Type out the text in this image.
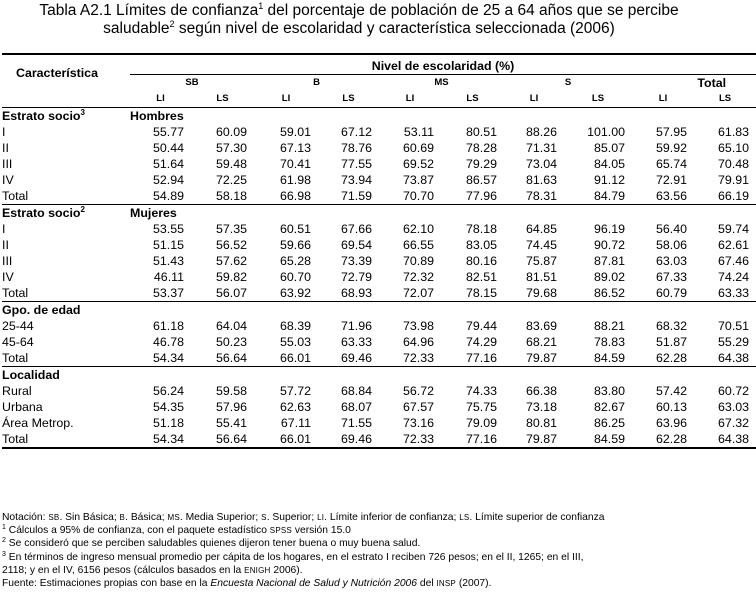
Tabla A2.1 Límites de confianza$^1$ del porcentaje de población de 25 a 64 años que se percibe
saludable$^2$ según nivel de escolaridad y característica seleccionada (2006)
Característica	Nivel de escolaridad (%)									
	SB		B		MS		S		Total	
	LI	LS	LI	LS	LI	LS	LI	LS	LI	LS
Estrato socio$^3$	Hombres									
I	55.77	60.09	59.01	67.12	53.11	80.51	88.26	101.00	57.95	61.83
II	50.44	57.30	67.13	78.76	60.69	78.28	71.31	85.07	59.92	65.10
III	51.64	59.48	70.41	77.55	69.52	79.29	73.04	84.05	65.74	70.48
IV	52.94	72.25	61.98	73.94	73.87	86.57	81.63	91.12	72.91	79.91
Total	54.89	58.18	66.98	71.59	70.70	77.96	78.31	84.79	63.56	66.19
Estrato socio$^2$	Mujeres									
I	53.55	57.35	60.51	67.66	62.10	78.18	64.85	96.19	56.40	59.74
II	51.15	56.52	59.66	69.54	66.55	83.05	74.45	90.72	58.06	62.61
III	51.43	57.62	65.28	73.39	70.89	80.16	75.87	87.81	63.03	67.46
IV	46.11	59.82	60.70	72.79	72.32	82.51	81.51	89.02	67.33	74.24
Total	53.37	56.07	63.92	68.93	72.07	78.15	79.68	86.52	60.79	63.33
Gpo. de edad										
25-44	61.18	64.04	68.39	71.96	73.98	79.44	83.69	88.21	68.32	70.51
45-64	46.78	50.23	55.03	63.33	64.96	74.29	68.21	78.83	51.87	55.29
Total	54.34	56.64	66.01	69.46	72.33	77.16	79.87	84.59	62.28	64.38
Localidad										
Rural	56.24	59.58	57.72	68.84	56.72	74.33	66.38	83.80	57.42	60.72
Urbana	54.35	57.96	62.63	68.07	67.57	75.75	73.18	82.67	60.13	63.03
Área Metrop.	51.18	55.41	67.11	71.55	73.16	79.09	80.81	86.25	63.96	67.32
Total	54.34	56.64	66.01	69.46	72.33	77.16	79.87	84.59	62.28	64.38
Notación: SB. Sin Básica; B. Básica; MS. Media Superior; S. Superior; LI. Límite inferior de confianza; LS. Límite superior de confianza
$^1$ Cálculos a 95% de confianza, con el paquete estadístico SPSS versión 15.0
$^2$ Se consideró que se perciben saludables quienes dijeron tener buena o muy buena salud.
$^3$ En términos de ingreso mensual promedio per cápita de los hogares, en el estrato I reciben 726 pesos; en el II, 1265; en el III,
2118; y en el IV, 6156 pesos (cálculos basados en la ENIGH 2006).
Fuente: Estimaciones propias con base en la Encuesta Nacional de Salud y Nutrición 2006 del INSP (2007).
